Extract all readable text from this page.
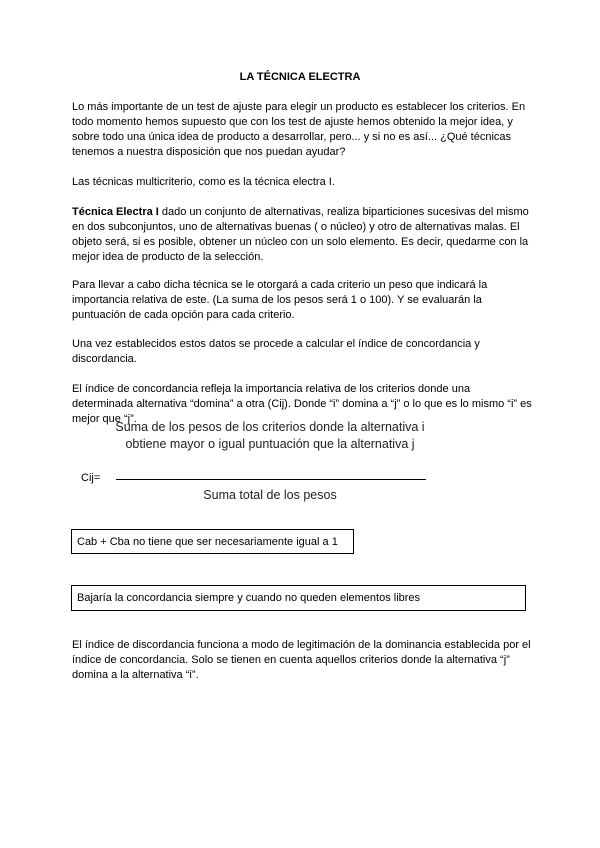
LA TÉCNICA ELECTRA
Lo más importante de un test de ajuste para elegir un producto es establecer los criterios. En todo momento hemos supuesto que con los test de ajuste hemos obtenido la mejor idea, y sobre todo una única idea de producto a desarrollar, pero... y si no es así... ¿Qué técnicas tenemos a nuestra disposición que nos puedan ayudar?
Las técnicas multicriterio, como es la técnica electra I.
Técnica Electra I dado un conjunto de alternativas, realiza biparticiones sucesivas del mismo en dos subconjuntos, uno de alternativas buenas ( o núcleo) y otro de alternativas malas. El objeto será, si es posible, obtener un núcleo con un solo elemento. Es decir, quedarme con la mejor idea de producto de la selección.
Para llevar a cabo dicha técnica se le otorgará a cada criterio un peso que indicará la importancia relativa de este. (La suma de los pesos será 1 o 100). Y se evaluarán la puntuación de cada opción para cada criterio.
Una vez establecidos estos datos se procede a calcular el índice de concordancia y discordancia.
El índice de concordancia refleja la importancia relativa de los criterios donde una determinada alternativa “domina” a otra (Cij). Donde “i” domina a “j” o lo que es lo mismo “i” es mejor que “j”.
Cij=
Suma de los pesos de los criterios donde la alternativa i
obtiene mayor o igual puntuación que la alternativa j
Suma total de los pesos
Cab + Cba no tiene que ser necesariamente igual a 1
Bajaría la concordancia siempre y cuando no queden elementos libres
El índice de discordancia funciona a modo de legitimación de la dominancia establecida por el índice de concordancia. Solo se tienen en cuenta aquellos criterios donde la alternativa “j” domina a la alternativa “i”.
